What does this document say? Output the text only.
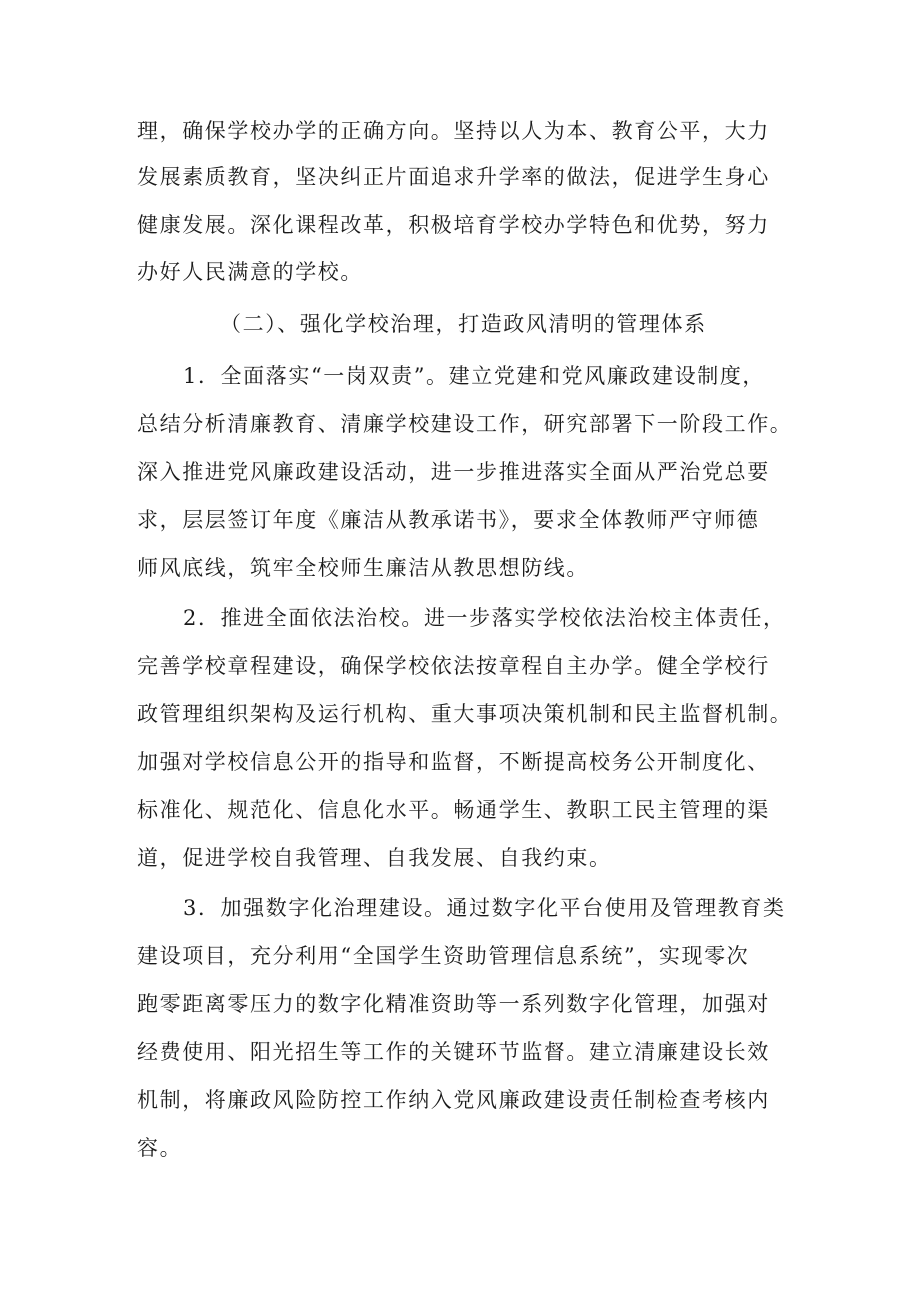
理，确保学校办学的正确方向。坚持以人为本、教育公平，大力
发展素质教育，坚决纠正片面追求升学率的做法，促进学生身心
健康发展。深化课程改革，积极培育学校办学特色和优势，努力
办好人民满意的学校。
（二）、强化学校治理，打造政风清明的管理体系
1．全面落实“一岗双责”。建立党建和党风廉政建设制度，
总结分析清廉教育、清廉学校建设工作，研究部署下一阶段工作。
深入推进党风廉政建设活动，进一步推进落实全面从严治党总要
求，层层签订年度《廉洁从教承诺书》，要求全体教师严守师德
师风底线，筑牢全校师生廉洁从教思想防线。
2．推进全面依法治校。进一步落实学校依法治校主体责任，
完善学校章程建设，确保学校依法按章程自主办学。健全学校行
政管理组织架构及运行机构、重大事项决策机制和民主监督机制。
加强对学校信息公开的指导和监督，不断提高校务公开制度化、
标准化、规范化、信息化水平。畅通学生、教职工民主管理的渠
道，促进学校自我管理、自我发展、自我约束。
3．加强数字化治理建设。通过数字化平台使用及管理教育类
建设项目，充分利用“全国学生资助管理信息系统”，实现零次
跑零距离零压力的数字化精准资助等一系列数字化管理，加强对
经费使用、阳光招生等工作的关键环节监督。建立清廉建设长效
机制，将廉政风险防控工作纳入党风廉政建设责任制检查考核内
容。
